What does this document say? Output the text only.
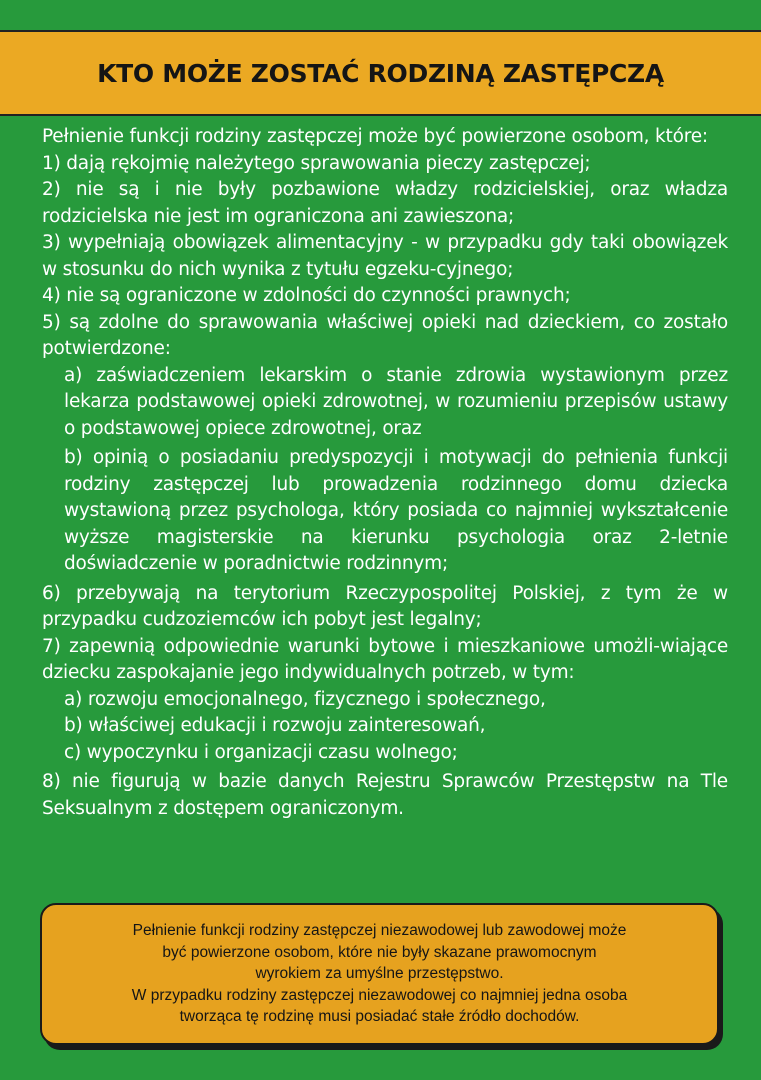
KTO MOŻE ZOSTAĆ RODZINĄ ZASTĘPCZĄ

Pełnienie funkcji rodziny zastępczej może być powierzone osobom, które:

1) dają rękojmię należytego sprawowania pieczy zastępczej;

2) nie są i nie były pozbawione władzy rodzicielskiej, oraz władza rodzicielska nie jest im ograniczona ani zawieszona;

3) wypełniają obowiązek alimentacyjny - w przypadku gdy taki obowiązek w stosunku do nich wynika z tytułu egzeku-cyjnego;

4) nie są ograniczone w zdolności do czynności prawnych;

5) są zdolne do sprawowania właściwej opieki nad dzieckiem, co zostało potwierdzone:

a) zaświadczeniem lekarskim o stanie zdrowia wystawionym przez lekarza podstawowej opieki zdrowotnej, w rozumieniu przepisów ustawy o podstawowej opiece zdrowotnej, oraz

b) opinią o posiadaniu predyspozycji i motywacji do pełnienia funkcji rodziny zastępczej lub prowadzenia rodzinnego domu dziecka wystawioną przez psychologa, który posiada co najmniej wykształcenie wyższe magisterskie na kierunku psychologia oraz 2-letnie doświadczenie w poradnictwie rodzinnym;

6) przebywają na terytorium Rzeczypospolitej Polskiej, z tym że w przypadku cudzoziemców ich pobyt jest legalny;

7) zapewnią odpowiednie warunki bytowe i mieszkaniowe umożli-wiające dziecku zaspokajanie jego indywidualnych potrzeb, w tym:

a) rozwoju emocjonalnego, fizycznego i społecznego,

b) właściwej edukacji i rozwoju zainteresowań,

c) wypoczynku i organizacji czasu wolnego;

8) nie figurują w bazie danych Rejestru Sprawców Przestępstw na Tle Seksualnym z dostępem ograniczonym.

Pełnienie funkcji rodziny zastępczej niezawodowej lub zawodowej może

być powierzone osobom, które nie były skazane prawomocnym

wyrokiem za umyślne przestępstwo.

W przypadku rodziny zastępczej niezawodowej co najmniej jedna osoba

tworząca tę rodzinę musi posiadać stałe źródło dochodów.
